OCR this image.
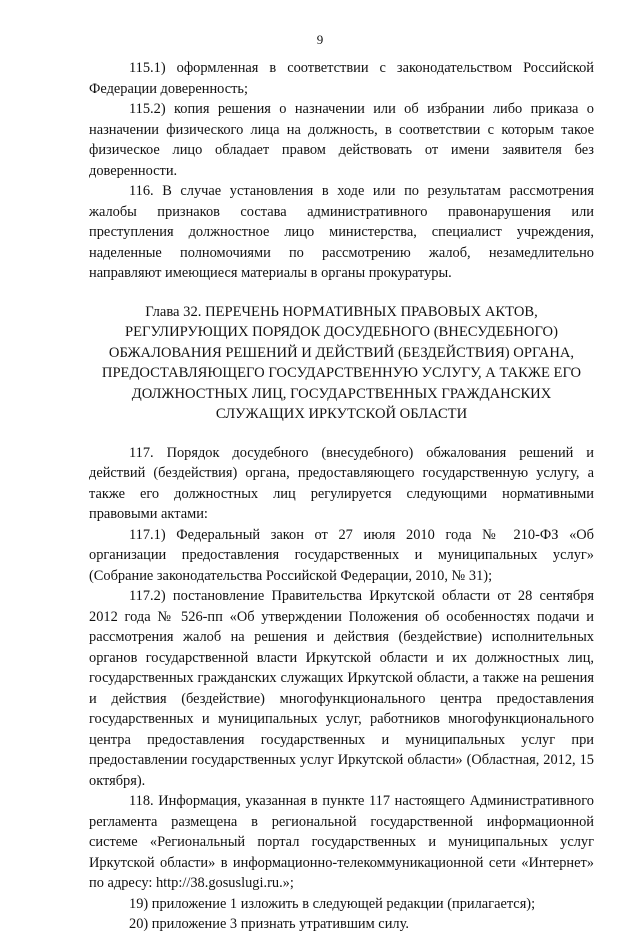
9

115.1) оформленная в соответствии с законодательством Российской Федерации доверенность;

115.2) копия решения о назначении или об избрании либо приказа о назначении физического лица на должность, в соответствии с которым такое физическое лицо обладает правом действовать от имени заявителя без доверенности.

116. В случае установления в ходе или по результатам рассмотрения жалобы признаков состава административного правонарушения или преступления должностное лицо министерства, специалист учреждения, наделенные полномочиями по рассмотрению жалоб, незамедлительно направляют имеющиеся материалы в органы прокуратуры.

Глава 32. ПЕРЕЧЕНЬ НОРМАТИВНЫХ ПРАВОВЫХ АКТОВ,
РЕГУЛИРУЮЩИХ ПОРЯДОК ДОСУДЕБНОГО (ВНЕСУДЕБНОГО)
ОБЖАЛОВАНИЯ РЕШЕНИЙ И ДЕЙСТВИЙ (БЕЗДЕЙСТВИЯ) ОРГАНА,
ПРЕДОСТАВЛЯЮЩЕГО ГОСУДАРСТВЕННУЮ УСЛУГУ, А ТАКЖЕ ЕГО
ДОЛЖНОСТНЫХ ЛИЦ, ГОСУДАРСТВЕННЫХ ГРАЖДАНСКИХ
СЛУЖАЩИХ ИРКУТСКОЙ ОБЛАСТИ

117. Порядок досудебного (внесудебного) обжалования решений и действий (бездействия) органа, предоставляющего государственную услугу, а также его должностных лиц регулируется следующими нормативными правовыми актами:

117.1) Федеральный закон от 27 июля 2010 года № 210-ФЗ «Об организации предоставления государственных и муниципальных услуг» (Собрание законодательства Российской Федерации, 2010, № 31);

117.2) постановление Правительства Иркутской области от 28 сентября 2012 года № 526-пп «Об утверждении Положения об особенностях подачи и рассмотрения жалоб на решения и действия (бездействие) исполнительных органов государственной власти Иркутской области и их должностных лиц, государственных гражданских служащих Иркутской области, а также на решения и действия (бездействие) многофункционального центра предоставления государственных и муниципальных услуг, работников многофункционального центра предоставления государственных и муниципальных услуг при предоставлении государственных услуг Иркутской области» (Областная, 2012, 15 октября).

118. Информация, указанная в пункте 117 настоящего Административного регламента размещена в региональной государственной информационной системе «Региональный портал государственных и муниципальных услуг Иркутской области» в информационно-телекоммуникационной сети «Интернет» по адресу: http://38.gosuslugi.ru.»;

19) приложение 1 изложить в следующей редакции (прилагается);

20) приложение 3 признать утратившим силу.
